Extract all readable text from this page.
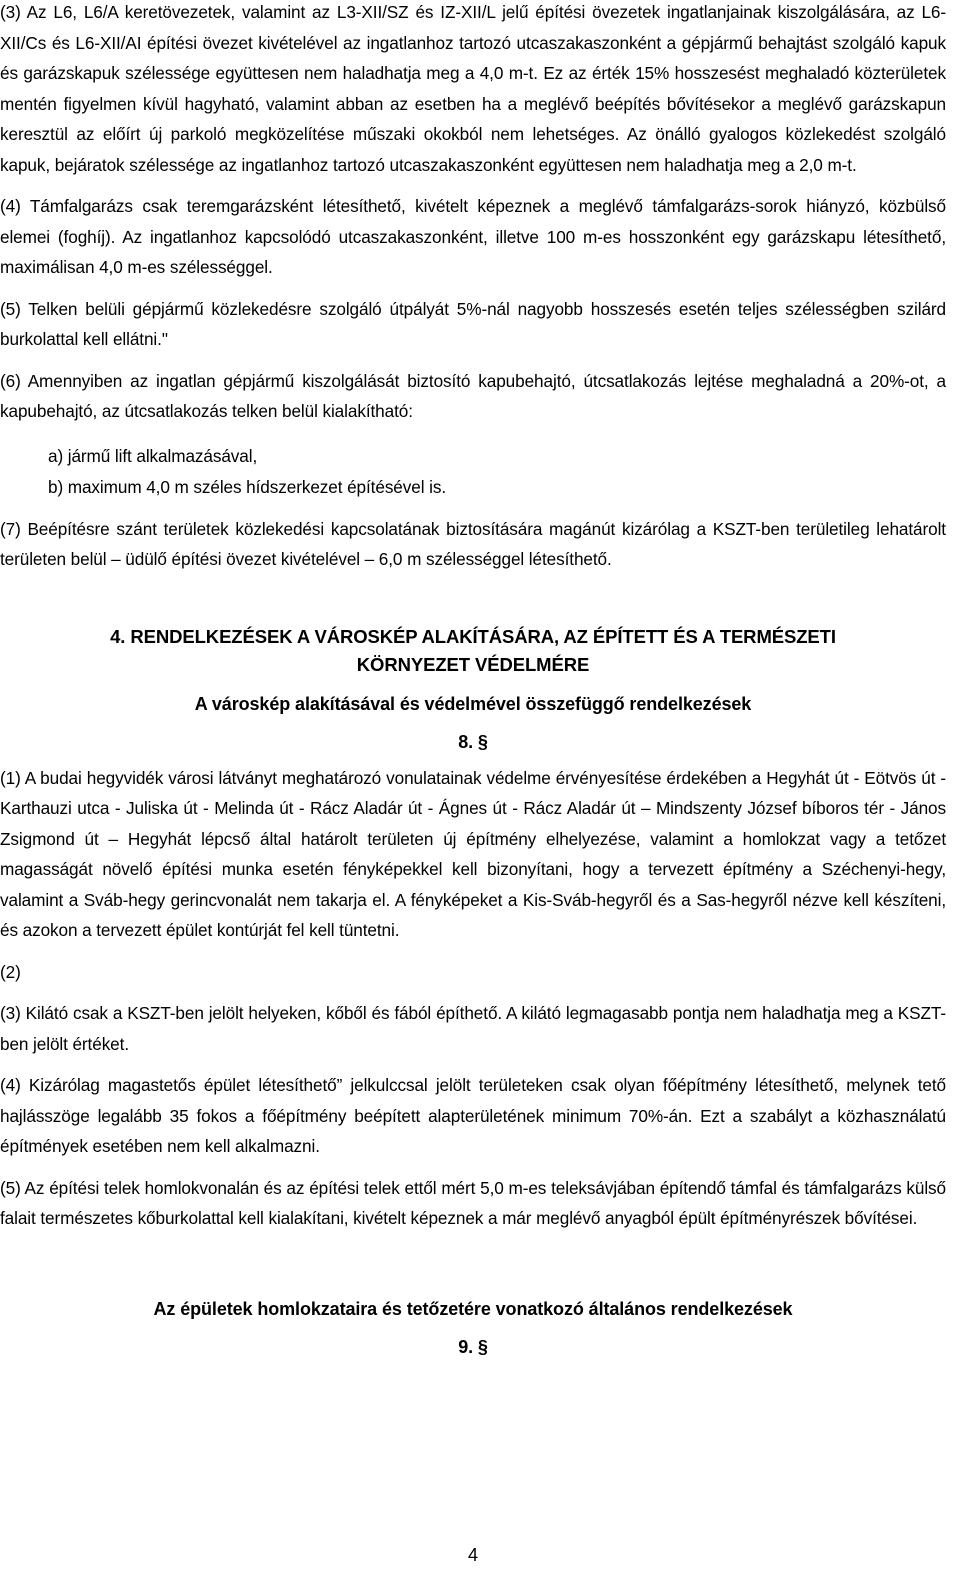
(3) Az L6, L6/A keretövezetek, valamint az L3-XII/SZ és IZ-XII/L jelű építési övezetek ingatlanjainak kiszolgálására, az L6-XII/Cs és L6-XII/AI építési övezet kivételével az ingatlanhoz tartozó utcaszakaszonként a gépjármű behajtást szolgáló kapuk és garázskapuk szélessége együttesen nem haladhatja meg a 4,0 m-t. Ez az érték 15% hosszesést meghaladó közterületek mentén figyelmen kívül hagyható, valamint abban az esetben ha a meglévő beépítés bővítésekor a meglévő garázskapun keresztül az előírt új parkoló megközelítése műszaki okokból nem lehetséges. Az önálló gyalogos közlekedést szolgáló kapuk, bejáratok szélessége az ingatlanhoz tartozó utcaszakaszonként együttesen nem haladhatja meg a 2,0 m-t.

(4) Támfalgarázs csak teremgarázsként létesíthető, kivételt képeznek a meglévő támfalgarázs-sorok hiányzó, közbülső elemei (foghíj). Az ingatlanhoz kapcsolódó utcaszakaszonként, illetve 100 m-es hosszonként egy garázskapu létesíthető, maximálisan 4,0 m-es szélességgel.

(5) Telken belüli gépjármű közlekedésre szolgáló útpályát 5%-nál nagyobb hosszesés esetén teljes szélességben szilárd burkolattal kell ellátni."

(6) Amennyiben az ingatlan gépjármű kiszolgálását biztosító kapubehajtó, útcsatlakozás lejtése meghaladná a 20%-ot, a kapubehajtó, az útcsatlakozás telken belül kialakítható:

a) jármű lift alkalmazásával,
b) maximum 4,0 m széles hídszerkezet építésével is.

(7) Beépítésre szánt területek közlekedési kapcsolatának biztosítására magánút kizárólag a KSZT-ben területileg lehatárolt területen belül – üdülő építési övezet kivételével – 6,0 m szélességgel létesíthető.

4. RENDELKEZÉSEK A VÁROSKÉP ALAKÍTÁSÁRA, AZ ÉPÍTETT ÉS A TERMÉSZETI KÖRNYEZET VÉDELMÉRE
A városkép alakításával és védelmével összefüggő rendelkezések
8. §

(1) A budai hegyvidék városi látványt meghatározó vonulatainak védelme érvényesítése érdekében a Hegyhát út - Eötvös út - Karthauzi utca - Juliska út - Melinda út - Rácz Aladár út - Ágnes út - Rácz Aladár út – Mindszenty József bíboros tér - János Zsigmond út – Hegyhát lépcső által határolt területen új építmény elhelyezése, valamint a homlokzat vagy a tetőzet magasságát növelő építési munka esetén fényképekkel kell bizonyítani, hogy a tervezett építmény a Széchenyi-hegy, valamint a Sváb-hegy gerincvonalát nem takarja el. A fényképeket a Kis-Sváb-hegyről és a Sas-hegyről nézve kell készíteni, és azokon a tervezett épület kontúrját fel kell tüntetni.

(2)

(3) Kilátó csak a KSZT-ben jelölt helyeken, kőből és fából építhető. A kilátó legmagasabb pontja nem haladhatja meg a KSZT-ben jelölt értéket.

(4) Kizárólag magastetős épület létesíthető” jelkulccsal jelölt területeken csak olyan főépítmény létesíthető, melynek tető hajlásszöge legalább 35 fokos a főépítmény beépített alapterületének minimum 70%-án. Ezt a szabályt a közhasználatú építmények esetében nem kell alkalmazni.

(5) Az építési telek homlokvonalán és az építési telek ettől mért 5,0 m-es teleksávjában építendő támfal és támfalgarázs külső falait természetes kőburkolattal kell kialakítani, kivételt képeznek a már meglévő anyagból épült építményrészek bővítései.

Az épületek homlokzataira és tetőzetére vonatkozó általános rendelkezések
9. §
4
